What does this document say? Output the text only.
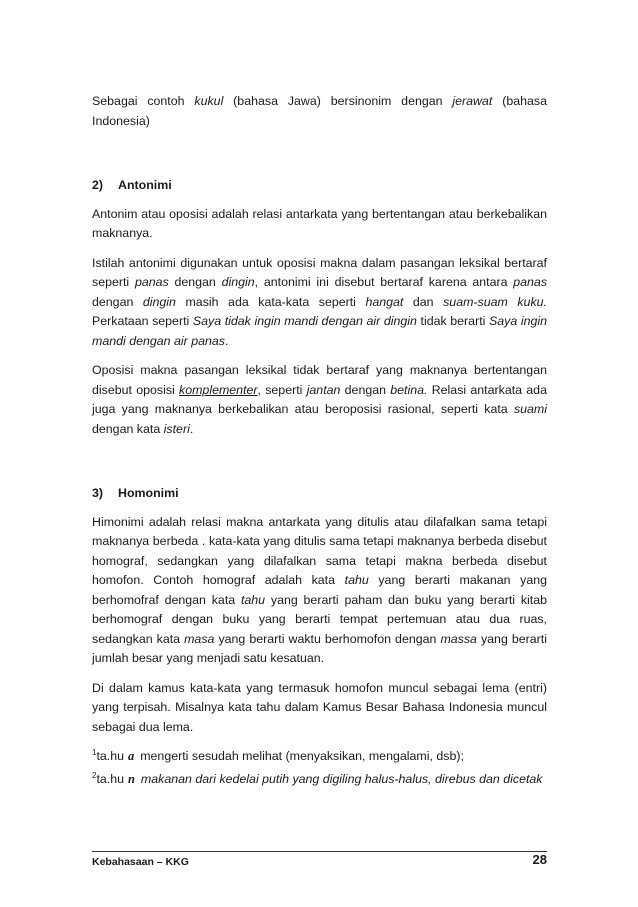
Sebagai contoh kukul (bahasa Jawa) bersinonim dengan jerawat (bahasa Indonesia)

2) Antonimi

Antonim atau oposisi adalah relasi antarkata yang bertentangan atau berkebalikan maknanya.

Istilah antonimi digunakan untuk oposisi makna dalam pasangan leksikal bertaraf seperti panas dengan dingin, antonimi ini disebut bertaraf karena antara panas dengan dingin masih ada kata-kata seperti hangat dan suam-suam kuku. Perkataan seperti Saya tidak ingin mandi dengan air dingin tidak berarti Saya ingin mandi dengan air panas.

Oposisi makna pasangan leksikal tidak bertaraf yang maknanya bertentangan disebut oposisi komplementer, seperti jantan dengan betina. Relasi antarkata ada juga yang maknanya berkebalikan atau beroposisi rasional, seperti kata suami dengan kata isteri.

3) Homonimi

Himonimi adalah relasi makna antarkata yang ditulis atau dilafalkan sama tetapi maknanya berbeda . kata-kata yang ditulis sama tetapi maknanya berbeda disebut homograf, sedangkan yang dilafalkan sama tetapi makna berbeda disebut homofon. Contoh homograf adalah kata tahu yang berarti makanan yang berhomofraf dengan kata tahu yang berarti paham dan buku yang berarti kitab berhomograf dengan buku yang berarti tempat pertemuan atau dua ruas, sedangkan kata masa yang berarti waktu berhomofon dengan massa yang berarti jumlah besar yang menjadi satu kesatuan.

Di dalam kamus kata-kata yang termasuk homofon muncul sebagai lema (entri) yang terpisah. Misalnya kata tahu dalam Kamus Besar Bahasa Indonesia muncul sebagai dua lema.

$^1$ta.hu a mengerti sesudah melihat (menyaksikan, mengalami, dsb);
$^2$ta.hu n makanan dari kedelai putih yang digiling halus-halus, direbus dan dicetak
Kebahasaan – KKG	28
